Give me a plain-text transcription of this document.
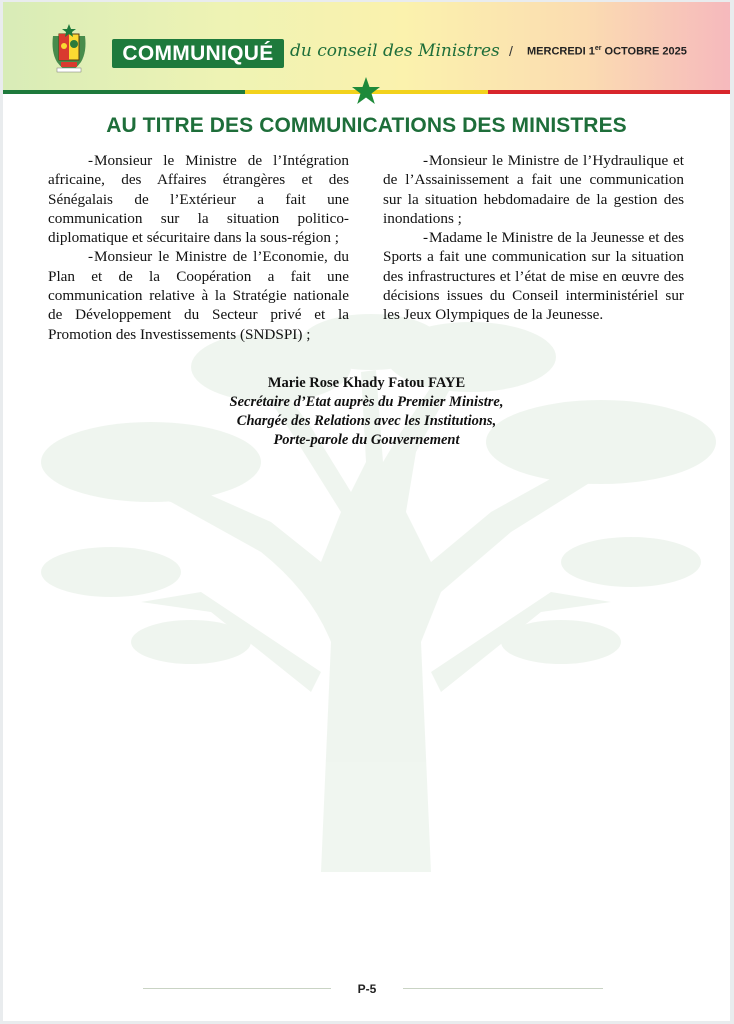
COMMUNIQUÉ du conseil des Ministres / MERCREDI 1er OCTOBRE 2025
AU TITRE DES COMMUNICATIONS DES MINISTRES

-Monsieur le Ministre de l’Intégration africaine, des Affaires étrangères et des Sénégalais de l’Extérieur a fait une communication sur la situation politico-diplomatique et sécuritaire dans la sous-région ;

-Monsieur le Ministre de l’Economie, du Plan et de la Coopération a fait une communication relative à la Stratégie nationale de Développement du Secteur privé et la Promotion des Investissements (SNDSPI) ;

-Monsieur le Ministre de l’Hydraulique et de l’Assainissement a fait une communication sur la situation hebdomadaire de la gestion des inondations ;

-Madame le Ministre de la Jeunesse et des Sports a fait une communication sur la situation des infrastructures et l’état de mise en œuvre des décisions issues du Conseil interministériel sur les Jeux Olympiques de la Jeunesse.

Marie Rose Khady Fatou FAYE
Secrétaire d’Etat auprès du Premier Ministre,
Chargée des Relations avec les Institutions,
Porte-parole du Gouvernement
P-5
